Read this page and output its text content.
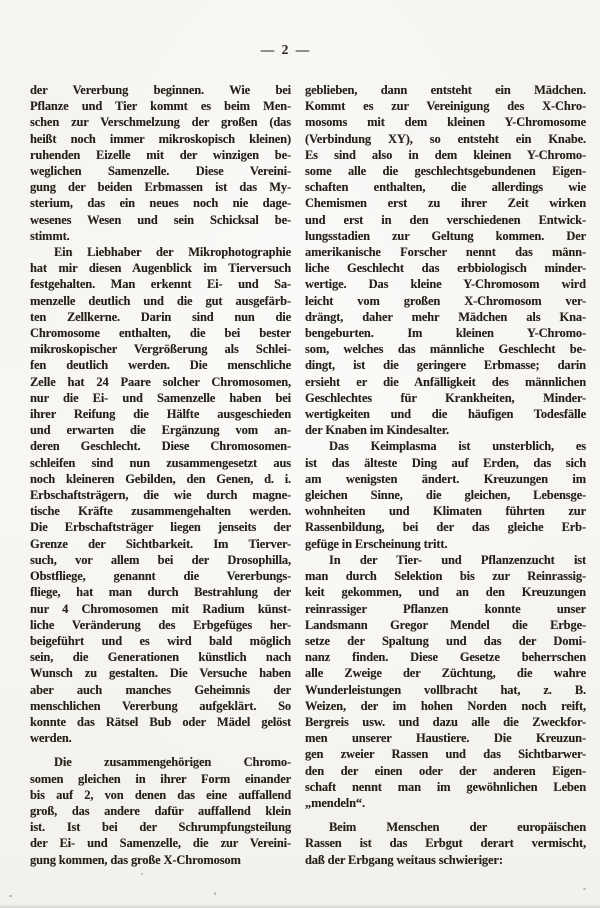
— 2 —
der Vererbung beginnen. Wie bei
Pflanze und Tier kommt es beim Men-
schen zur Verschmelzung der großen (das
heißt noch immer mikroskopisch kleinen)
ruhenden Eizelle mit der winzigen be-
weglichen Samenzelle. Diese Vereini-
gung der beiden Erbmassen ist das My-
sterium, das ein neues noch nie dage-
wesenes Wesen und sein Schicksal be-
stimmt.
Ein Liebhaber der Mikrophotographie
hat mir diesen Augenblick im Tierversuch
festgehalten. Man erkennt Ei- und Sa-
menzelle deutlich und die gut ausgefärb-
ten Zellkerne. Darin sind nun die
Chromosome enthalten, die bei bester
mikroskopischer Vergrößerung als Schlei-
fen deutlich werden. Die menschliche
Zelle hat 24 Paare solcher Chromosomen,
nur die Ei- und Samenzelle haben bei
ihrer Reifung die Hälfte ausgeschieden
und erwarten die Ergänzung vom an-
deren Geschlecht. Diese Chromosomen-
schleifen sind nun zusammengesetzt aus
noch kleineren Gebilden, den Genen, d. i.
Erbschaftsträgern, die wie durch magne-
tische Kräfte zusammengehalten werden.
Die Erbschaftsträger liegen jenseits der
Grenze der Sichtbarkeit. Im Tierver-
such, vor allem bei der Drosophilla,
Obstfliege, genannt die Vererbungs-
fliege, hat man durch Bestrahlung der
nur 4 Chromosomen mit Radium künst-
liche Veränderung des Erbgefüges her-
beigeführt und es wird bald möglich
sein, die Generationen künstlich nach
Wunsch zu gestalten. Die Versuche haben
aber auch manches Geheimnis der
menschlichen Vererbung aufgeklärt. So
konnte das Rätsel Bub oder Mädel gelöst
werden.
Die zusammengehörigen Chromo-
somen gleichen in ihrer Form einander
bis auf 2, von denen das eine auffallend
groß, das andere dafür auffallend klein
ist. Ist bei der Schrumpfungsteilung
der Ei- und Samenzelle, die zur Vereini-
gung kommen, das große X-Chromosom
geblieben, dann entsteht ein Mädchen.
Kommt es zur Vereinigung des X-Chro-
mosoms mit dem kleinen Y-Chromosome
(Verbindung XY), so entsteht ein Knabe.
Es sind also in dem kleinen Y-Chromo-
some alle die geschlechtsgebundenen Eigen-
schaften enthalten, die allerdings wie
Chemismen erst zu ihrer Zeit wirken
und erst in den verschiedenen Entwick-
lungsstadien zur Geltung kommen. Der
amerikanische Forscher nennt das männ-
liche Geschlecht das erbbiologisch minder-
wertige. Das kleine Y-Chromosom wird
leicht vom großen X-Chromosom ver-
drängt, daher mehr Mädchen als Kna-
bengeburten. Im kleinen Y-Chromo-
som, welches das männliche Geschlecht be-
dingt, ist die geringere Erbmasse; darin
ersieht er die Anfälligkeit des männlichen
Geschlechtes für Krankheiten, Minder-
wertigkeiten und die häufigen Todesfälle
der Knaben im Kindesalter.
Das Keimplasma ist unsterblich, es
ist das älteste Ding auf Erden, das sich
am wenigsten ändert. Kreuzungen im
gleichen Sinne, die gleichen, Lebensge-
wohnheiten und Klimaten führten zur
Rassenbildung, bei der das gleiche Erb-
gefüge in Erscheinung tritt.
In der Tier- und Pflanzenzucht ist
man durch Selektion bis zur Reinrassig-
keit gekommen, und an den Kreuzungen
reinrassiger Pflanzen konnte unser
Landsmann Gregor Mendel die Erbge-
setze der Spaltung und das der Domi-
nanz finden. Diese Gesetze beherrschen
alle Zweige der Züchtung, die wahre
Wunderleistungen vollbracht hat, z. B.
Weizen, der im hohen Norden noch reift,
Bergreis usw. und dazu alle die Zweckfor-
men unserer Haustiere. Die Kreuzun-
gen zweier Rassen und das Sichtbarwer-
den der einen oder der anderen Eigen-
schaft nennt man im gewöhnlichen Leben
„mendeln“.
Beim Menschen der europäischen
Rassen ist das Erbgut derart vermischt,
daß der Erbgang weitaus schwieriger:
